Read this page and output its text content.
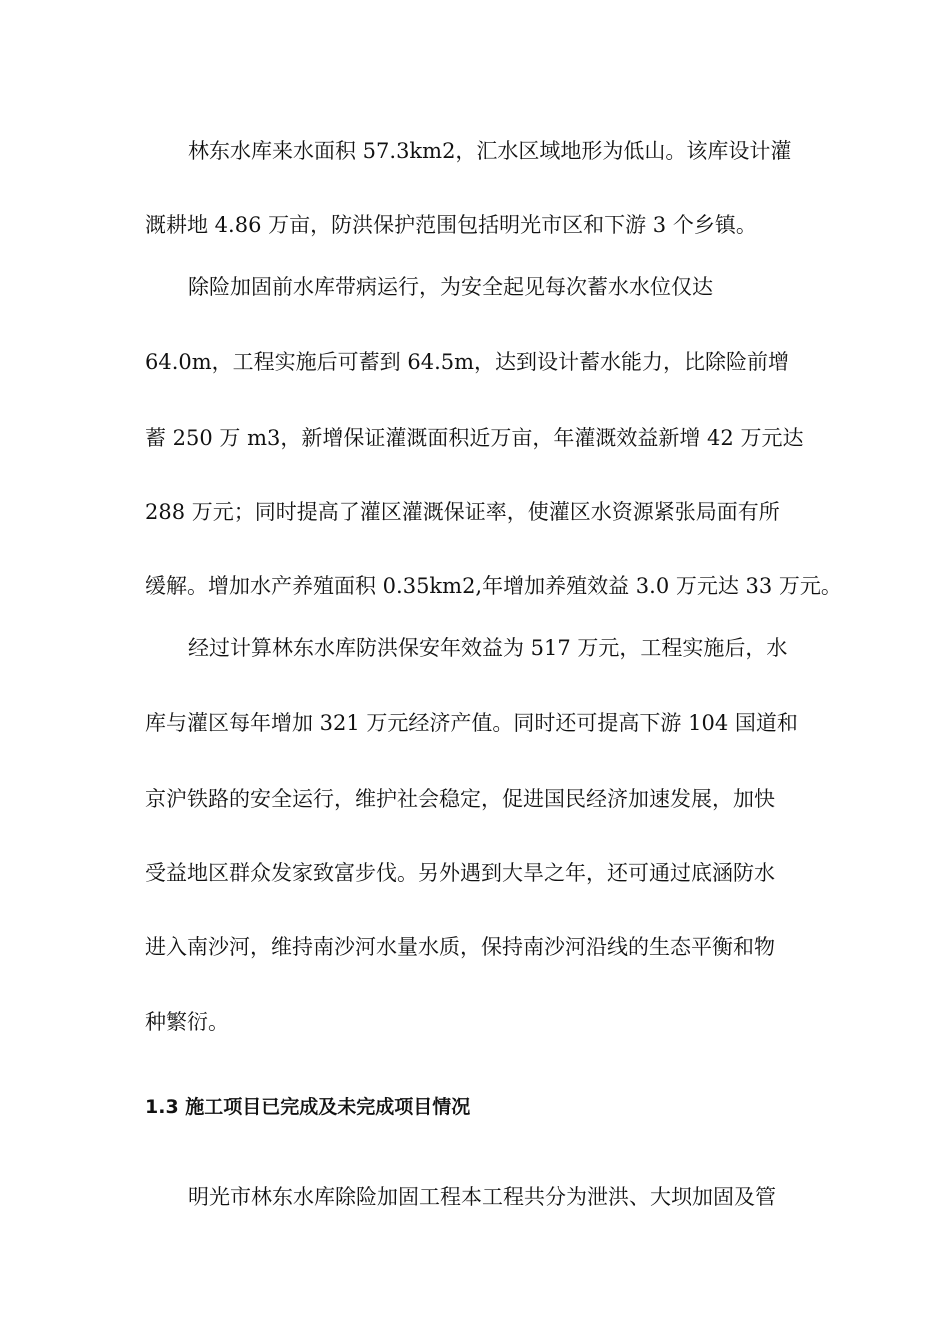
林东水库来水面积 57.3km2，汇水区域地形为低山。该库设计灌
溉耕地 4.86 万亩，防洪保护范围包括明光市区和下游 3 个乡镇。
除险加固前水库带病运行，为安全起见每次蓄水水位仅达
64.0m，工程实施后可蓄到 64.5m，达到设计蓄水能力，比除险前增
蓄 250 万 m3，新增保证灌溉面积近万亩，年灌溉效益新增 42 万元达
288 万元；同时提高了灌区灌溉保证率，使灌区水资源紧张局面有所
缓解。增加水产养殖面积 0.35km2,年增加养殖效益 3.0 万元达 33 万元。
经过计算林东水库防洪保安年效益为 517 万元，工程实施后，水
库与灌区每年增加 321 万元经济产值。同时还可提高下游 104 国道和
京沪铁路的安全运行，维护社会稳定，促进国民经济加速发展，加快
受益地区群众发家致富步伐。另外遇到大旱之年，还可通过底涵防水
进入南沙河，维持南沙河水量水质，保持南沙河沿线的生态平衡和物
种繁衍。
1.3 施工项目已完成及未完成项目情况
明光市林东水库除险加固工程本工程共分为泄洪、大坝加固及管
